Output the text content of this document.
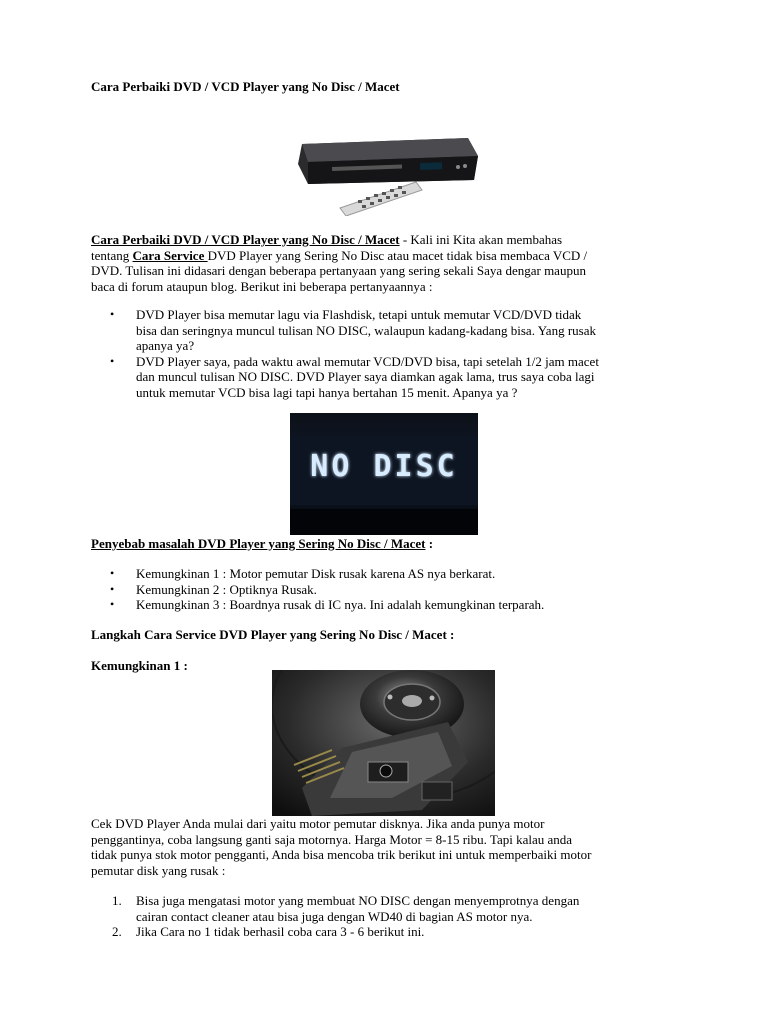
Cara Perbaiki DVD / VCD Player yang No Disc / Macet
Cara Perbaiki DVD / VCD Player yang No Disc / Macet - Kali ini Kita akan membahas
tentang Cara Service DVD Player yang Sering No Disc atau macet tidak bisa membaca VCD /
DVD. Tulisan ini didasari dengan beberapa pertanyaan yang sering sekali Saya dengar maupun
baca di forum ataupun blog. Berikut ini beberapa pertanyaannya :
• DVD Player bisa memutar lagu via Flashdisk, tetapi untuk memutar VCD/DVD tidak
bisa dan seringnya muncul tulisan NO DISC, walaupun kadang-kadang bisa. Yang rusak
apanya ya?
• DVD Player saya, pada waktu awal memutar VCD/DVD bisa, tapi setelah 1/2 jam macet
dan muncul tulisan NO DISC. DVD Player saya diamkan agak lama, trus saya coba lagi
untuk memutar VCD bisa lagi tapi hanya bertahan 15 menit. Apanya ya ?
NO DISC
Penyebab masalah DVD Player yang Sering No Disc / Macet :
• Kemungkinan 1 : Motor pemutar Disk rusak karena AS nya berkarat.
• Kemungkinan 2 : Optiknya Rusak.
• Kemungkinan 3 : Boardnya rusak di IC nya. Ini adalah kemungkinan terparah.
Langkah Cara Service DVD Player yang Sering No Disc / Macet :
Kemungkinan 1 :
Cek DVD Player Anda mulai dari yaitu motor pemutar disknya. Jika anda punya motor
penggantinya, coba langsung ganti saja motornya. Harga Motor = 8-15 ribu. Tapi kalau anda
tidak punya stok motor pengganti, Anda bisa mencoba trik berikut ini untuk memperbaiki motor
pemutar disk yang rusak :
1. Bisa juga mengatasi motor yang membuat NO DISC dengan menyemprotnya dengan
cairan contact cleaner atau bisa juga dengan WD40 di bagian AS motor nya.
2. Jika Cara no 1 tidak berhasil coba cara 3 - 6 berikut ini.
